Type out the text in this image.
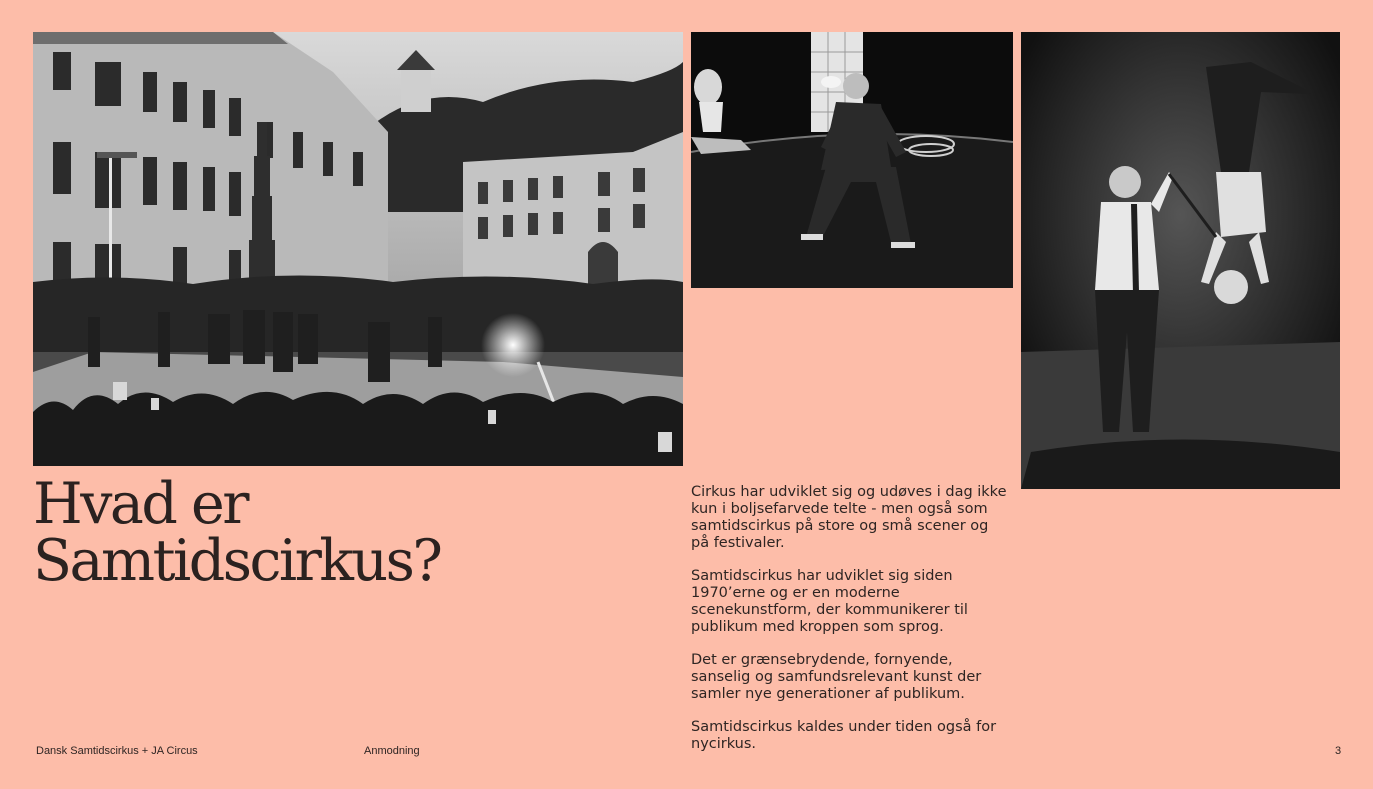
Hvad er
Samtidscirkus?

Cirkus har udviklet sig og udøves i dag ikke kun i boljsefarvede telte - men også som samtidscirkus på store og små scener og på festivaler.

Samtidscirkus har udviklet sig siden 1970’erne og er en moderne scenekunstform, der kommunikerer til publikum med kroppen som sprog.

Det er grænsebrydende, fornyende, sanselig og samfundsrelevant kunst der samler nye generationer af publikum.

Samtidscirkus kaldes under tiden også for nycirkus.

Dansk Samtidscirkus + JA Circus	Anmodning	3
